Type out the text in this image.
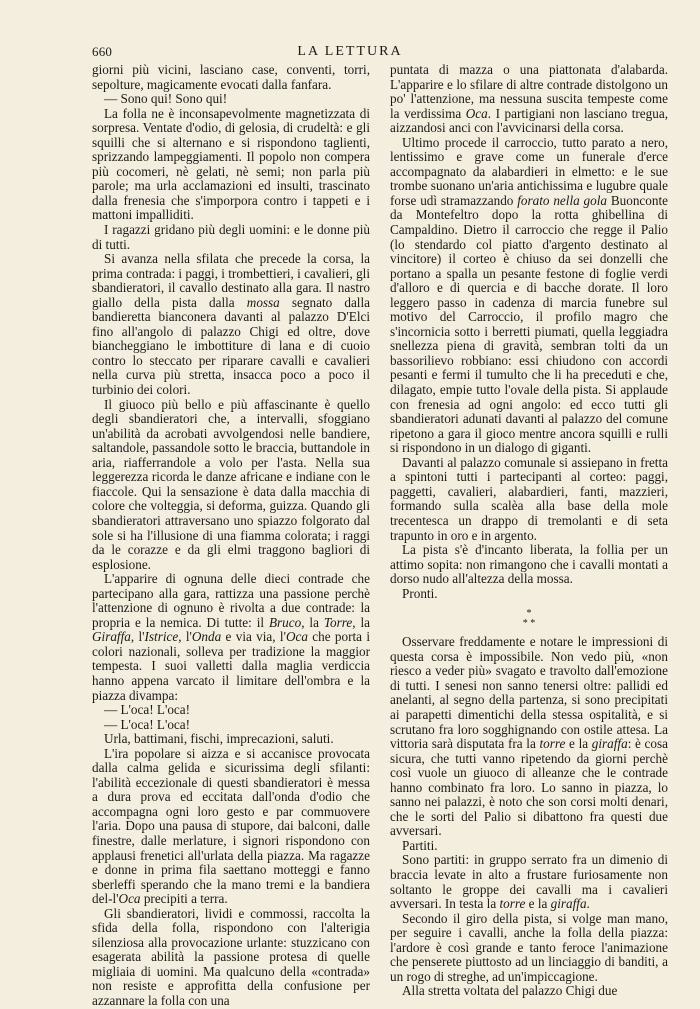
660	LA LETTURA

giorni più vicini, lasciano case, conventi, torri, sepolture, magicamente evocati dalla fanfara.

— Sono qui! Sono qui!

La folla ne è inconsapevolmente magnetizzata di sorpresa. Ventate d'odio, di gelosia, di crudeltà: e gli squilli che si alternano e si rispondono taglienti, sprizzando lampeggiamenti. Il popolo non compera più cocomeri, nè gelati, nè semi; non parla più parole; ma urla acclamazioni ed insulti, trascinato dalla frenesia che s'imporpora contro i tappeti e i mattoni impalliditi.

I ragazzi gridano più degli uomini: e le donne più di tutti.

Si avanza nella sfilata che precede la corsa, la prima contrada: i paggi, i trombettieri, i cavalieri, gli sbandieratori, il cavallo destinato alla gara. Il nastro giallo della pista dalla mossa segnato dalla bandieretta bianconera davanti al palazzo D'Elci fino all'angolo di palazzo Chigi ed oltre, dove biancheggiano le imbottiture di lana e di cuoio contro lo steccato per riparare cavalli e cavalieri nella curva più stretta, insacca poco a poco il turbinio dei colori.

Il giuoco più bello e più affascinante è quello degli sbandieratori che, a intervalli, sfoggiano un'abilità da acrobati avvolgendosi nelle bandiere, saltandole, passandole sotto le braccia, buttandole in aria, riafferrandole a volo per l'asta. Nella sua leggerezza ricorda le danze africane e indiane con le fiaccole. Qui la sensazione è data dalla macchia di colore che volteggia, si deforma, guizza. Quando gli sbandieratori attraversano uno spiazzo folgorato dal sole si ha l'illusione di una fiamma colorata; i raggi da le corazze e da gli elmi traggono bagliori di esplosione.

L'apparire di ognuna delle dieci contrade che partecipano alla gara, rattizza una passione perchè l'attenzione di ognuno è rivolta a due contrade: la propria e la nemica. Di tutte: il Bruco, la Torre, la Giraffa, l'Istrice, l'Onda e via via, l'Oca che porta i colori nazionali, solleva per tradizione la maggior tempesta. I suoi valletti dalla maglia verdiccia hanno appena varcato il limitare dell'ombra e la piazza divampa:

— L'oca! L'oca!

— L'oca! L'oca!

Urla, battimani, fischi, imprecazioni, saluti.

L'ira popolare si aizza e si accanisce provocata dalla calma gelida e sicurissima degli sfilanti: l'abilità eccezionale di questi sbandieratori è messa a dura prova ed eccitata dall'onda d'odio che accompagna ogni loro gesto e par commuovere l'aria. Dopo una pausa di stupore, dai balconi, dalle finestre, dalle merlature, i signori rispondono con applausi frenetici all'urlata della piazza. Ma ragazze e donne in prima fila saettano motteggi e fanno sberleffi sperando che la mano tremi e la bandiera del-l'Oca precipiti a terra.

Gli sbandieratori, lividi e commossi, raccolta la sfida della folla, rispondono con l'alterigia silenziosa alla provocazione urlante: stuzzicano con esagerata abilità la passione protesa di quelle migliaia di uomini. Ma qualcuno della «contrada» non resiste e approfitta della confusione per azzannare la folla con una

puntata di mazza o una piattonata d'alabarda. L'apparire e lo sfilare di altre contrade distolgono un po' l'attenzione, ma nessuna suscita tempeste come la verdissima Oca. I partigiani non lasciano tregua, aizzandosi anci con l'avvicinarsi della corsa.

Ultimo procede il carroccio, tutto parato a nero, lentissimo e grave come un funerale d'erce accompagnato da alabardieri in elmetto: e le sue trombe suonano un'aria antichissima e lugubre quale forse udì stramazzando forato nella gola Buonconte da Montefeltro dopo la rotta ghibellina di Campaldino. Dietro il carroccio che regge il Palio (lo stendardo col piatto d'argento destinato al vincitore) il corteo è chiuso da sei donzelli che portano a spalla un pesante festone di foglie verdi d'alloro e di quercia e di bacche dorate. Il loro leggero passo in cadenza di marcia funebre sul motivo del Carroccio, il profilo magro che s'incornicia sotto i berretti piumati, quella leggiadra snellezza piena di gravità, sembran tolti da un bassorilievo robbiano: essi chiudono con accordi pesanti e fermi il tumulto che li ha preceduti e che, dilagato, empie tutto l'ovale della pista. Si applaude con frenesia ad ogni angolo: ed ecco tutti gli sbandieratori adunati davanti al palazzo del comune ripetono a gara il gioco mentre ancora squilli e rulli si rispondono in un dialogo di giganti.

Davanti al palazzo comunale si assiepano in fretta a spintoni tutti i partecipanti al corteo: paggi, paggetti, cavalieri, alabardieri, fanti, mazzieri, formando sulla scalèa alla base della mole trecentesca un drappo di tremolanti e di seta trapunto in oro e in argento.

La pista s'è d'incanto liberata, la follia per un attimo sopita: non rimangono che i cavalli montati a dorso nudo all'altezza della mossa.

Pronti.

*
* *

Osservare freddamente e notare le impressioni di questa corsa è impossibile. Non vedo più, «non riesco a veder più» svagato e travolto dall'emozione di tutti. I senesi non sanno tenersi oltre: pallidi ed anelanti, al segno della partenza, si sono precipitati ai parapetti dimentichi della stessa ospitalità, e si scrutano fra loro sogghignando con ostile attesa. La vittoria sarà disputata fra la torre e la giraffa: è cosa sicura, che tutti vanno ripetendo da giorni perchè così vuole un giuoco di alleanze che le contrade hanno combinato fra loro. Lo sanno in piazza, lo sanno nei palazzi, è noto che son corsi molti denari, che le sorti del Palio si dibattono fra questi due avversari.

Partiti.

Sono partiti: in gruppo serrato fra un dimenio di braccia levate in alto a frustare furiosamente non soltanto le groppe dei cavalli ma i cavalieri avversari. In testa la torre e la giraffa.

Secondo il giro della pista, si volge man mano, per seguire i cavalli, anche la folla della piazza: l'ardore è così grande e tanto feroce l'animazione che penserete piuttosto ad un linciaggio di banditi, a un rogo di streghe, ad un'impiccagione.

Alla stretta voltata del palazzo Chigi due
